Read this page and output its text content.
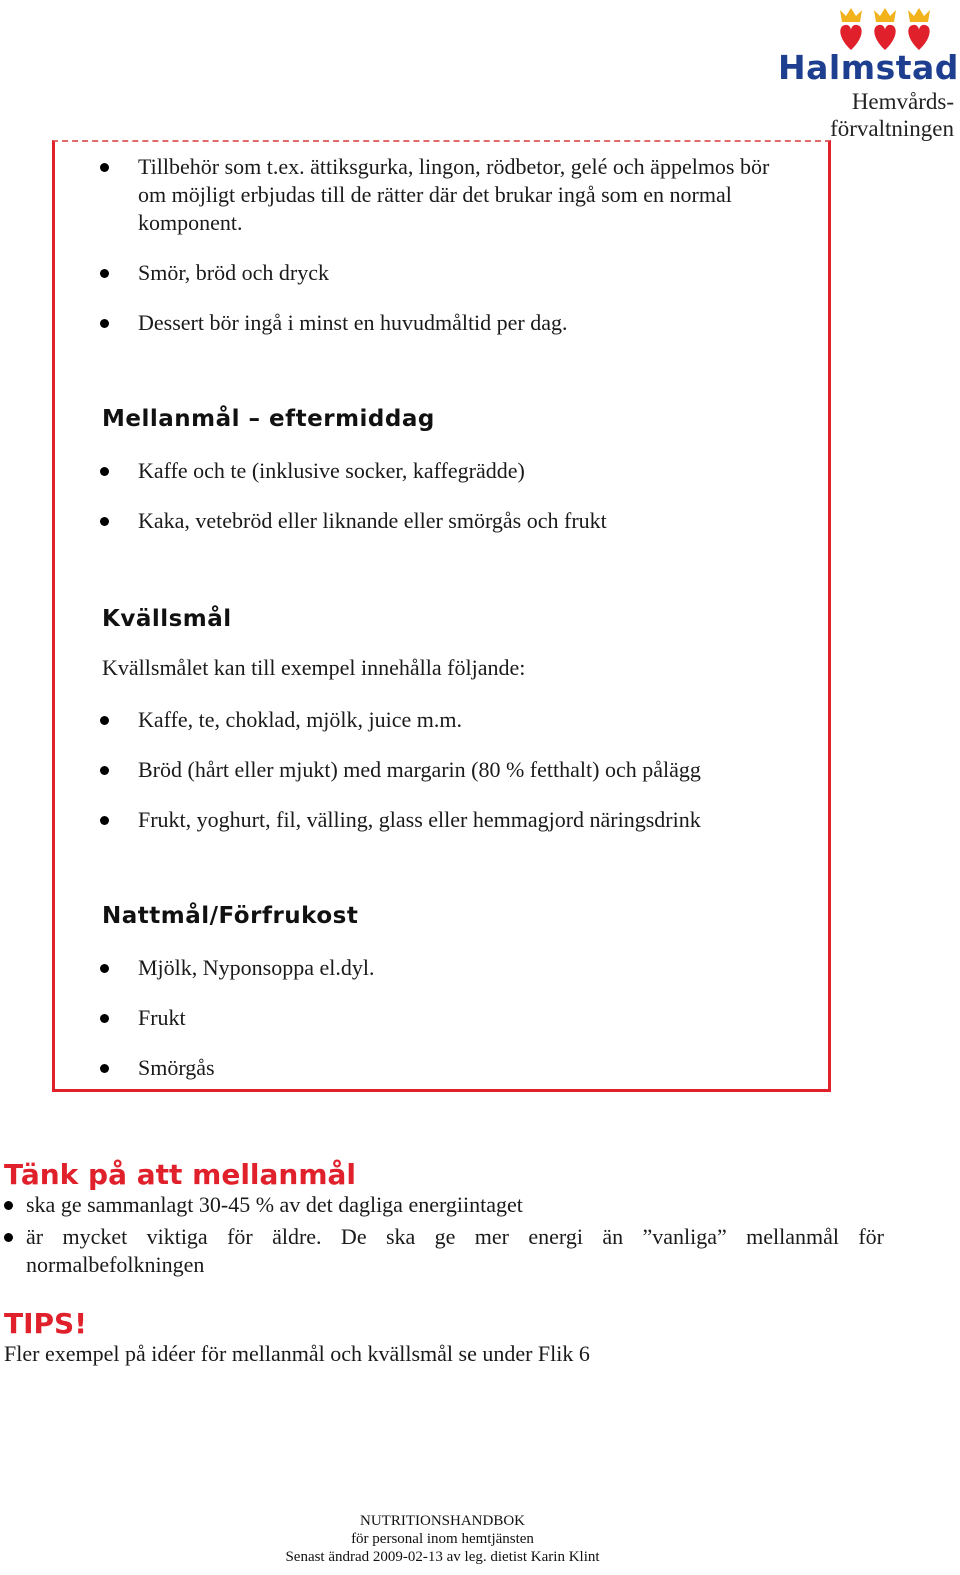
Halmstad
Hemvårds-
förvaltningen
Tillbehör som t.ex. ättiksgurka, lingon, rödbetor, gelé och äppelmos bör om möjligt erbjudas till de rätter där det brukar ingå som en normal komponent.
Smör, bröd och dryck
Dessert bör ingå i minst en huvudmåltid per dag.
Mellanmål – eftermiddag
Kaffe och te (inklusive socker, kaffegrädde)
Kaka, vetebröd eller liknande eller smörgås och frukt
Kvällsmål
Kvällsmålet kan till exempel innehålla följande:
Kaffe, te, choklad, mjölk, juice m.m.
Bröd (hårt eller mjukt) med margarin (80 % fetthalt) och pålägg
Frukt, yoghurt, fil, välling, glass eller hemmagjord näringsdrink
Nattmål/Förfrukost
Mjölk, Nyponsoppa el.dyl.
Frukt
Smörgås
Tänk på att mellanmål
ska ge sammanlagt 30-45 % av det dagliga energiintaget
är mycket viktiga för äldre. De ska ge mer energi än ”vanliga” mellanmål för normalbefolkningen
TIPS!
Fler exempel på idéer för mellanmål och kvällsmål se under Flik 6
NUTRITIONSHANDBOK
för personal inom hemtjänsten
Senast ändrad 2009-02-13 av leg. dietist Karin Klint
